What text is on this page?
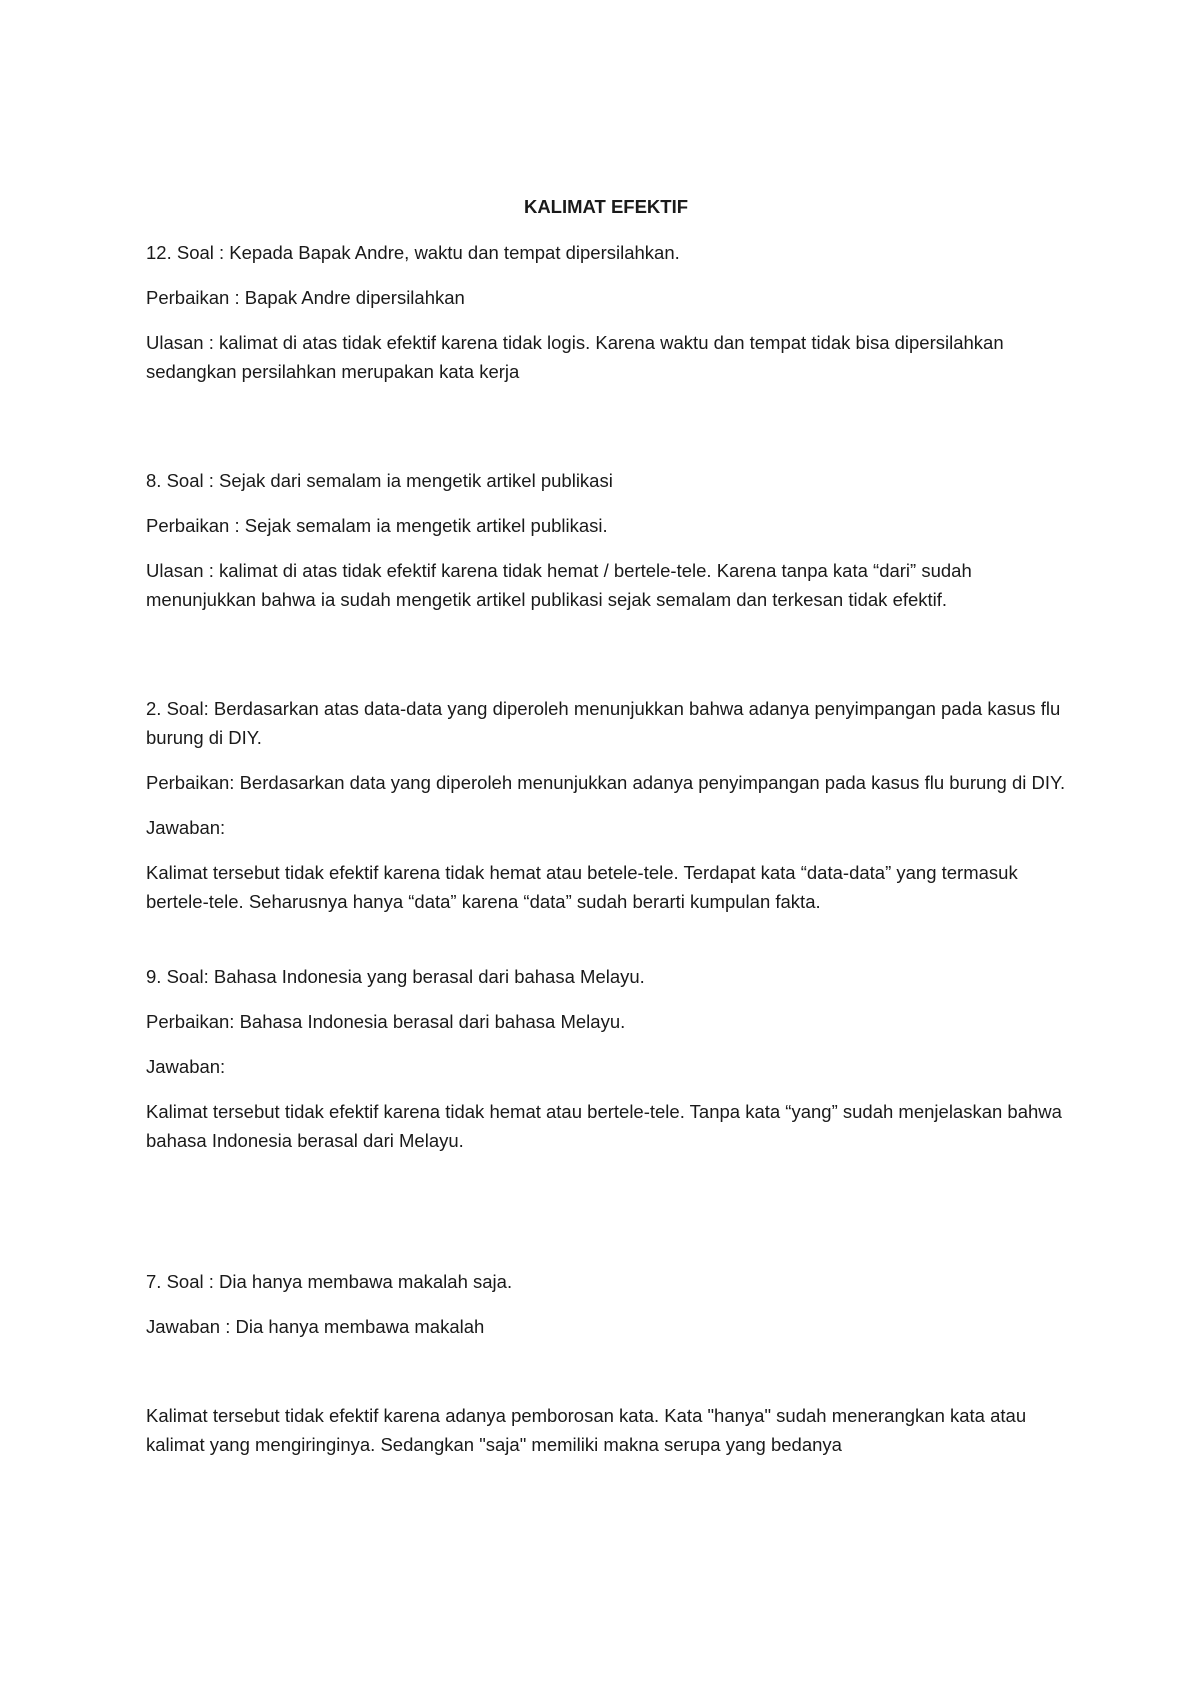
KALIMAT EFEKTIF

12. Soal : Kepada Bapak Andre, waktu dan tempat dipersilahkan.

Perbaikan : Bapak Andre dipersilahkan

Ulasan : kalimat di atas tidak efektif karena tidak logis. Karena waktu dan tempat tidak bisa dipersilahkan sedangkan persilahkan merupakan kata kerja

8. Soal : Sejak dari semalam ia mengetik artikel publikasi

Perbaikan : Sejak semalam ia mengetik artikel publikasi.

Ulasan : kalimat di atas tidak efektif karena tidak hemat / bertele-tele. Karena tanpa kata “dari” sudah menunjukkan bahwa ia sudah mengetik artikel publikasi sejak semalam dan terkesan tidak efektif.

2. Soal: Berdasarkan atas data-data yang diperoleh menunjukkan bahwa adanya penyimpangan pada kasus flu burung di DIY.

Perbaikan: Berdasarkan data yang diperoleh menunjukkan adanya penyimpangan pada kasus flu burung di DIY.

Jawaban:

Kalimat tersebut tidak efektif karena tidak hemat atau betele-tele. Terdapat kata “data-data” yang termasuk bertele-tele. Seharusnya hanya “data” karena “data” sudah berarti kumpulan fakta.

9. Soal: Bahasa Indonesia yang berasal dari bahasa Melayu.

Perbaikan: Bahasa Indonesia berasal dari bahasa Melayu.

Jawaban:

Kalimat tersebut tidak efektif karena tidak hemat atau bertele-tele. Tanpa kata “yang” sudah menjelaskan bahwa bahasa Indonesia berasal dari Melayu.

7. Soal : Dia hanya membawa makalah saja.

Jawaban : Dia hanya membawa makalah

Kalimat tersebut tidak efektif karena adanya pemborosan kata. Kata "hanya" sudah menerangkan kata atau kalimat yang mengiringinya. Sedangkan "saja" memiliki makna serupa yang bedanya
